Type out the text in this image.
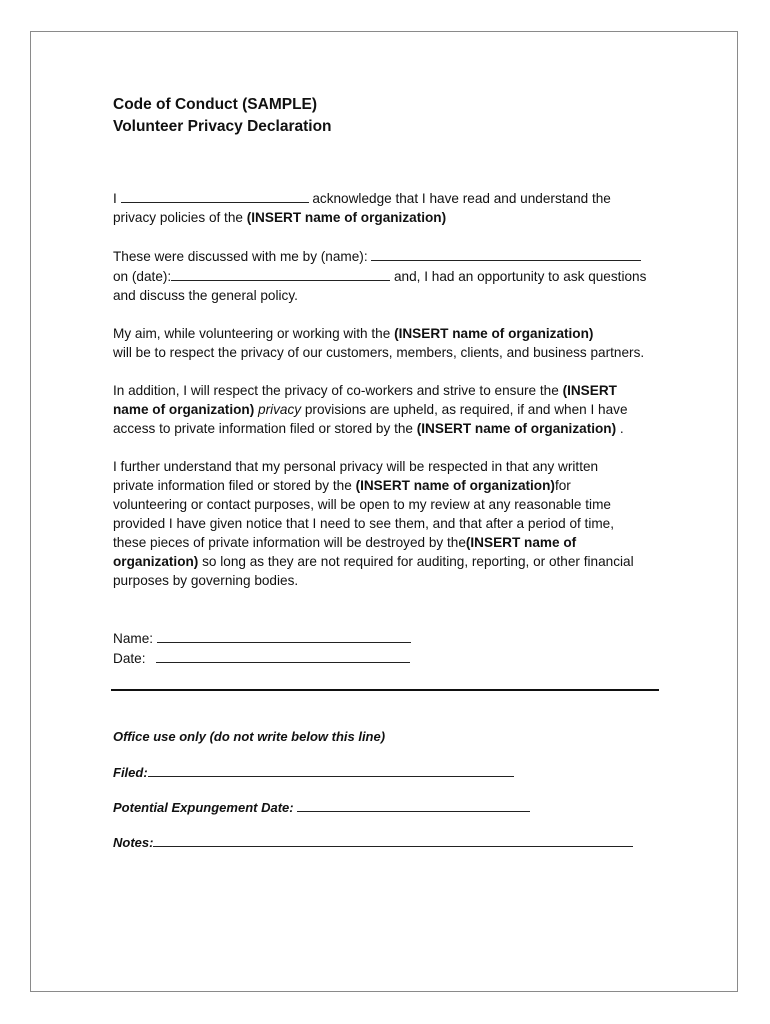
Code of Conduct (SAMPLE)
Volunteer Privacy Declaration

I	acknowledge that I have read and understand the
privacy policies of the (INSERT name of organization)

These were discussed with me by (name):
on (date):	and, I had an opportunity to ask questions
and discuss the general policy.

My aim, while volunteering or working with the (INSERT name of organization)
will be to respect the privacy of our customers, members, clients, and business partners.

In addition, I will respect the privacy of co-workers and strive to ensure the (INSERT
name of organization) privacy provisions are upheld, as required, if and when I have
access to private information filed or stored by the (INSERT name of organization) .

I further understand that my personal privacy will be respected in that any written
private information filed or stored by the (INSERT name of organization)for
volunteering or contact purposes, will be open to my review at any reasonable time
provided I have given notice that I need to see them, and that after a period of time,
these pieces of private information will be destroyed by the(INSERT name of
organization) so long as they are not required for auditing, reporting, or other financial
purposes by governing bodies.

Name:
Date:

Office use only (do not write below this line)
Filed:
Potential Expungement Date:
Notes:
